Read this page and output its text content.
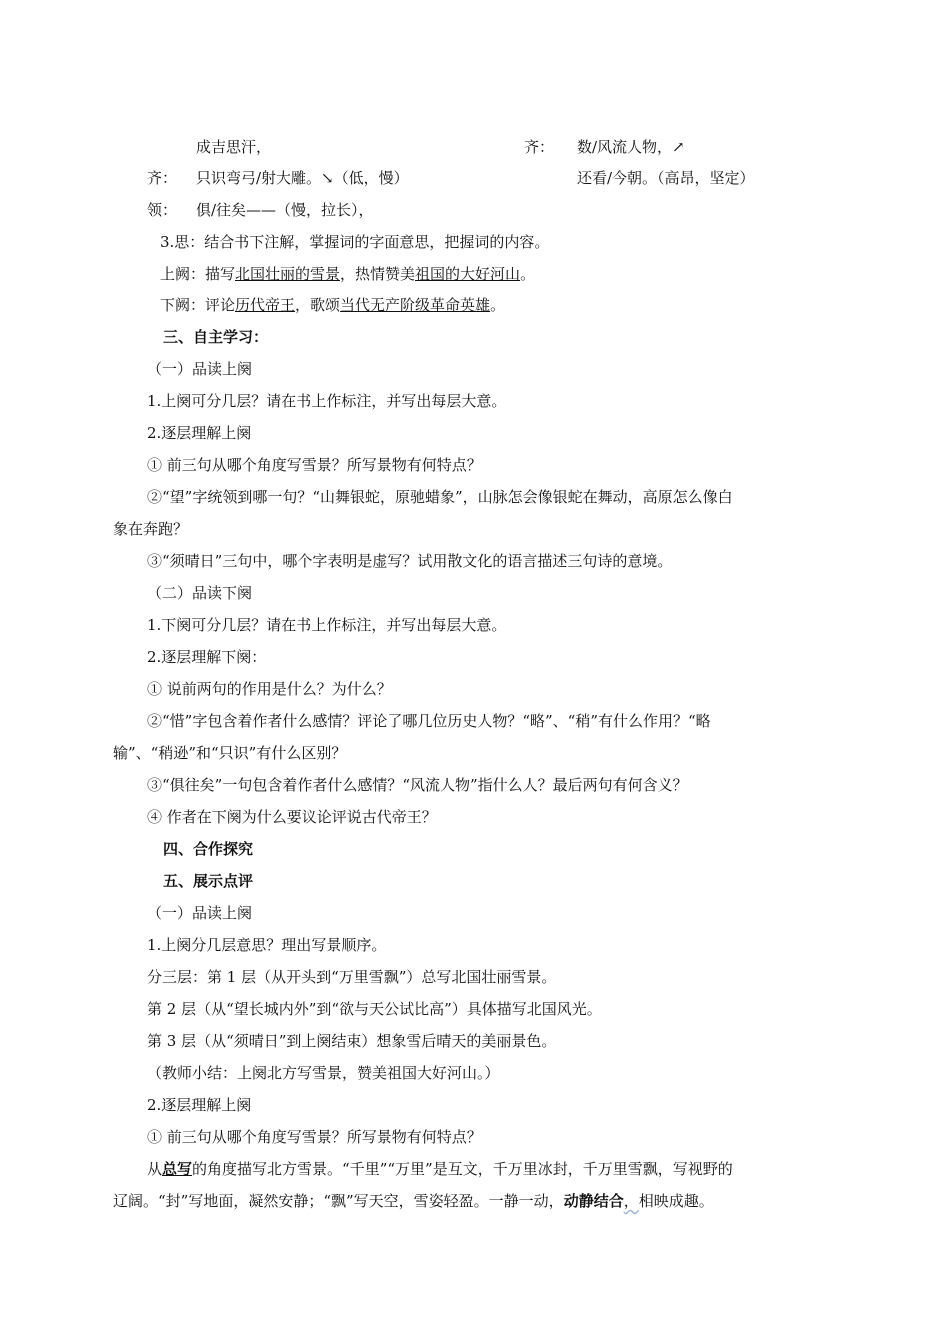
成吉思汗，	齐： 数/风流人物，↗
齐： 只识弯弓/射大雕。↘（低，慢）	还看/今朝。（高昂，坚定）
领： 俱/往矣——（慢，拉长），
3.思：结合书下注解，掌握词的字面意思，把握词的内容。
上阙：描写北国壮丽的雪景，热情赞美祖国的大好河山。
下阙：评论历代帝王，歌颂当代无产阶级革命英雄。
三、自主学习：
（一）品读上阕
1.上阕可分几层？请在书上作标注，并写出每层大意。
2.逐层理解上阕
① 前三句从哪个角度写雪景？所写景物有何特点？
②“望”字统领到哪一句？“山舞银蛇，原驰蜡象”，山脉怎会像银蛇在舞动，高原怎么像白
象在奔跑？
③“须晴日”三句中，哪个字表明是虚写？试用散文化的语言描述三句诗的意境。
（二）品读下阕
1.下阕可分几层？请在书上作标注，并写出每层大意。
2.逐层理解下阕：
① 说前两句的作用是什么？为什么？
②“惜”字包含着作者什么感情？评论了哪几位历史人物？“略”、“稍”有什么作用？“略
输”、“稍逊”和“只识”有什么区别？
③“俱往矣”一句包含着作者什么感情？“风流人物”指什么人？最后两句有何含义？
④ 作者在下阕为什么要议论评说古代帝王？
四、合作探究
五、展示点评
（一）品读上阕
1.上阕分几层意思？理出写景顺序。
分三层：第 1 层（从开头到“万里雪飘”）总写北国壮丽雪景。
第 2 层（从“望长城内外”到“欲与天公试比高”）具体描写北国风光。
第 3 层（从“须晴日”到上阕结束）想象雪后晴天的美丽景色。
（教师小结：上阕北方写雪景，赞美祖国大好河山。）
2.逐层理解上阕
① 前三句从哪个角度写雪景？所写景物有何特点？
从总写的角度描写北方雪景。“千里”“万里”是互文，千万里冰封，千万里雪飘，写视野的
辽阔。“封”写地面，凝然安静；“飘”写天空，雪姿轻盈。一静一动，动静结合，相映成趣。
